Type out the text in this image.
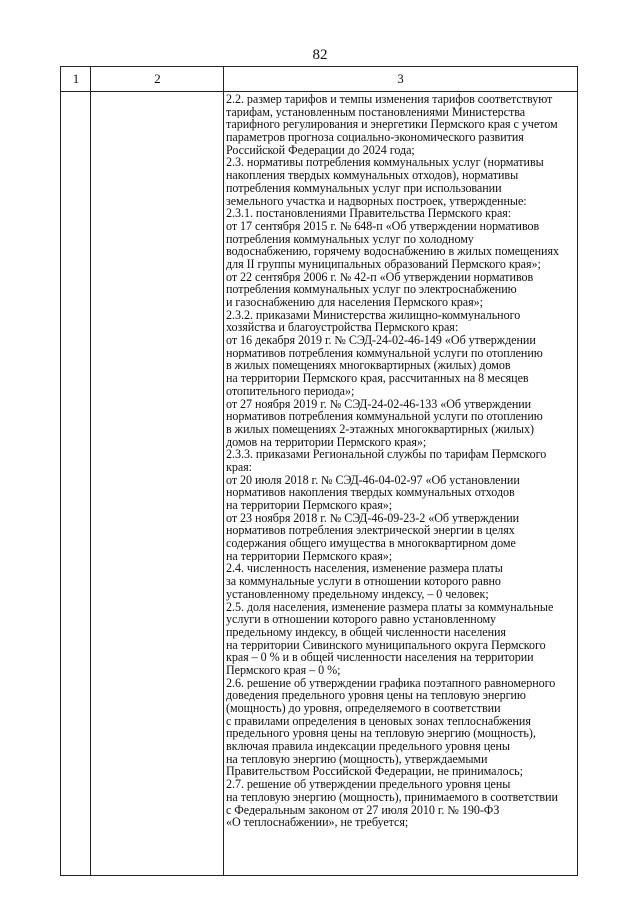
82
1	2	3
2.2. размер тарифов и темпы изменения тарифов соответствуют
тарифам, установленным постановлениями Министерства
тарифного регулирования и энергетики Пермского края с учетом
параметров прогноза социально-экономического развития
Российской Федерации до 2024 года;
2.3. нормативы потребления коммунальных услуг (нормативы
накопления твердых коммунальных отходов), нормативы
потребления коммунальных услуг при использовании
земельного участка и надворных построек, утвержденные:
2.3.1. постановлениями Правительства Пермского края:
от 17 сентября 2015 г. № 648-п «Об утверждении нормативов
потребления коммунальных услуг по холодному
водоснабжению, горячему водоснабжению в жилых помещениях
для II группы муниципальных образований Пермского края»;
от 22 сентября 2006 г. № 42-п «Об утверждении нормативов
потребления коммунальных услуг по электроснабжению
и газоснабжению для населения Пермского края»;
2.3.2. приказами Министерства жилищно-коммунального
хозяйства и благоустройства Пермского края:
от 16 декабря 2019 г. № СЭД-24-02-46-149 «Об утверждении
нормативов потребления коммунальной услуги по отоплению
в жилых помещениях многоквартирных (жилых) домов
на территории Пермского края, рассчитанных на 8 месяцев
отопительного периода»;
от 27 ноября 2019 г. № СЭД-24-02-46-133 «Об утверждении
нормативов потребления коммунальной услуги по отоплению
в жилых помещениях 2-этажных многоквартирных (жилых)
домов на территории Пермского края»;
2.3.3. приказами Региональной службы по тарифам Пермского
края:
от 20 июля 2018 г. № СЭД-46-04-02-97 «Об установлении
нормативов накопления твердых коммунальных отходов
на территории Пермского края»;
от 23 ноября 2018 г. № СЭД-46-09-23-2 «Об утверждении
нормативов потребления электрической энергии в целях
содержания общего имущества в многоквартирном доме
на территории Пермского края»;
2.4. численность населения, изменение размера платы
за коммунальные услуги в отношении которого равно
установленному предельному индексу, – 0 человек;
2.5. доля населения, изменение размера платы за коммунальные
услуги в отношении которого равно установленному
предельному индексу, в общей численности населения
на территории Сивинского муниципального округа Пермского
края – 0 % и в общей численности населения на территории
Пермского края – 0 %;
2.6. решение об утверждении графика поэтапного равномерного
доведения предельного уровня цены на тепловую энергию
(мощность) до уровня, определяемого в соответствии
с правилами определения в ценовых зонах теплоснабжения
предельного уровня цены на тепловую энергию (мощность),
включая правила индексации предельного уровня цены
на тепловую энергию (мощность), утверждаемыми
Правительством Российской Федерации, не принималось;
2.7. решение об утверждении предельного уровня цены
на тепловую энергию (мощность), принимаемого в соответствии
с Федеральным законом от 27 июля 2010 г. № 190-ФЗ
«О теплоснабжении», не требуется;
